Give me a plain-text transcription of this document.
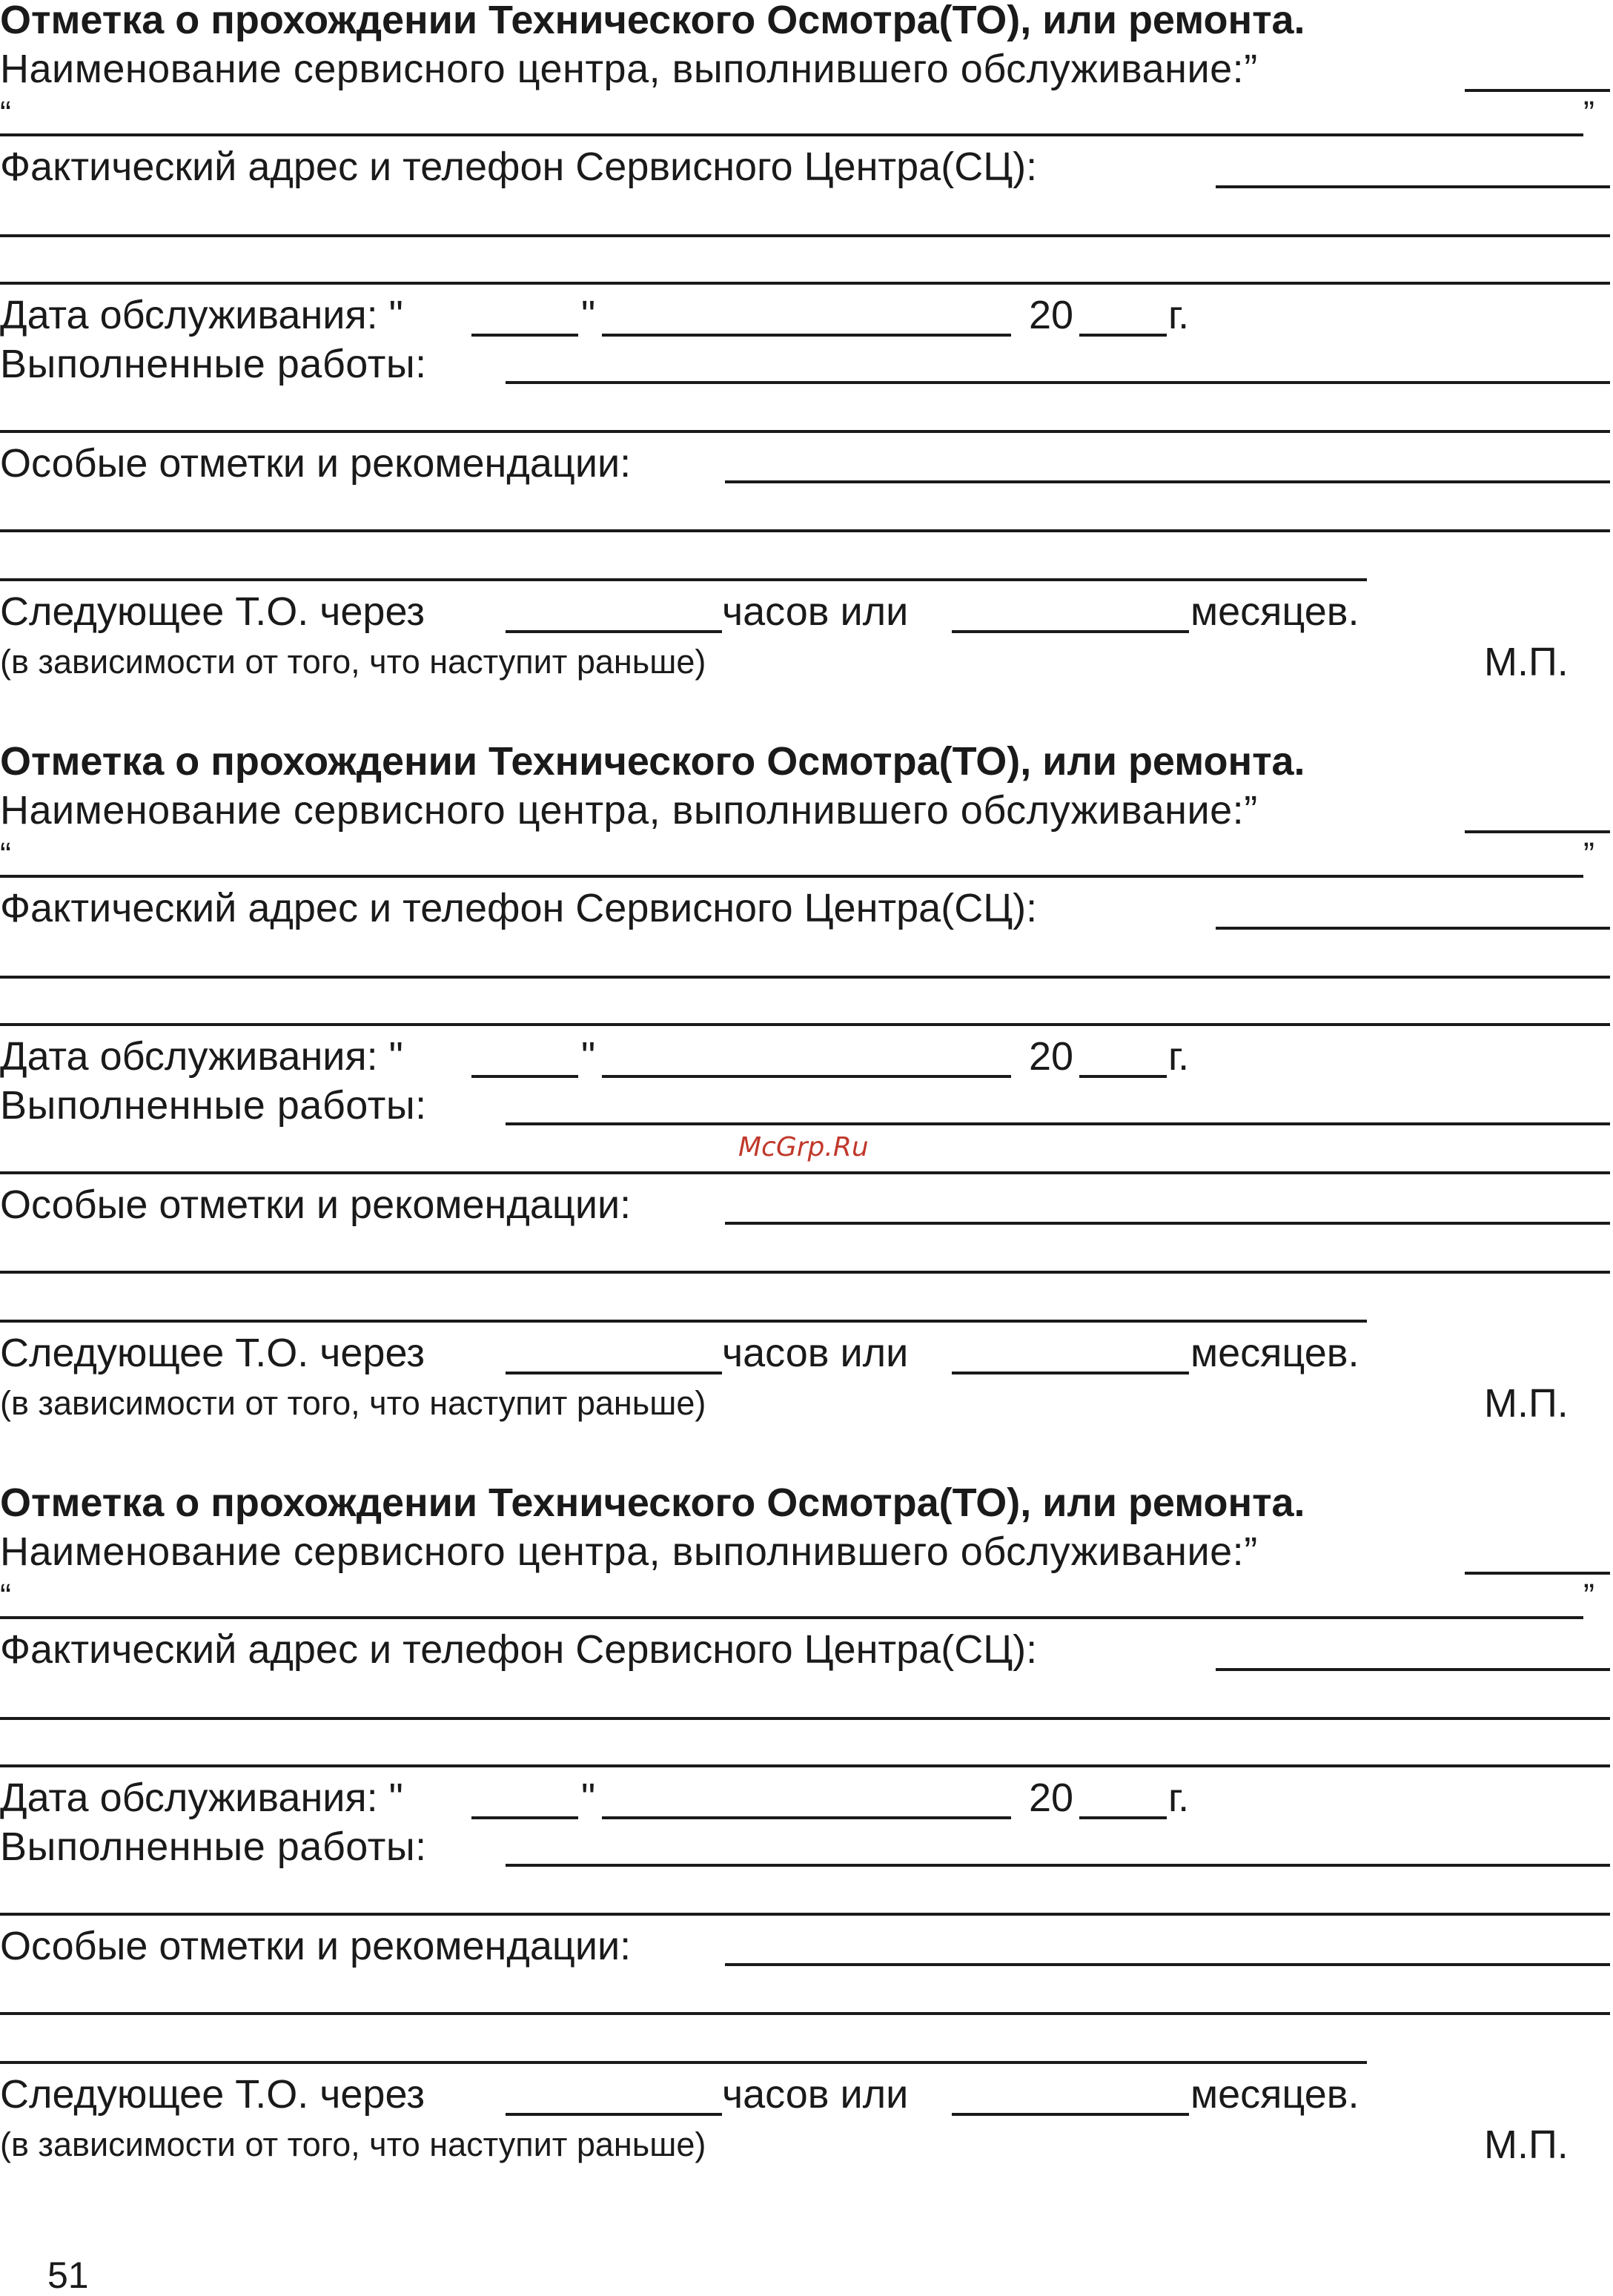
Отметка о прохождении Технического Осмотра(ТО), или ремонта.
Наименование сервисного центра, выполнившего обслуживание:”
“	”
Фактический адрес и телефон Сервисного Центра(СЦ):
Дата обслуживания: "	"	20 г.
Выполненные работы:
Особые отметки и рекомендации:
Следующее Т.О. через	часов или	месяцев.
(в зависимости от того, что наступит раньше)	М.П.
Отметка о прохождении Технического Осмотра(ТО), или ремонта.
Наименование сервисного центра, выполнившего обслуживание:”
“	”
Фактический адрес и телефон Сервисного Центра(СЦ):
Дата обслуживания: "	"	20 г.
Выполненные работы:
Особые отметки и рекомендации:
Следующее Т.О. через	часов или	месяцев.
(в зависимости от того, что наступит раньше)	М.П.
McGrp.Ru
Отметка о прохождении Технического Осмотра(ТО), или ремонта.
Наименование сервисного центра, выполнившего обслуживание:”
“	”
Фактический адрес и телефон Сервисного Центра(СЦ):
Дата обслуживания: "	"	20 г.
Выполненные работы:
Особые отметки и рекомендации:
Следующее Т.О. через	часов или	месяцев.
(в зависимости от того, что наступит раньше)	М.П.
51
